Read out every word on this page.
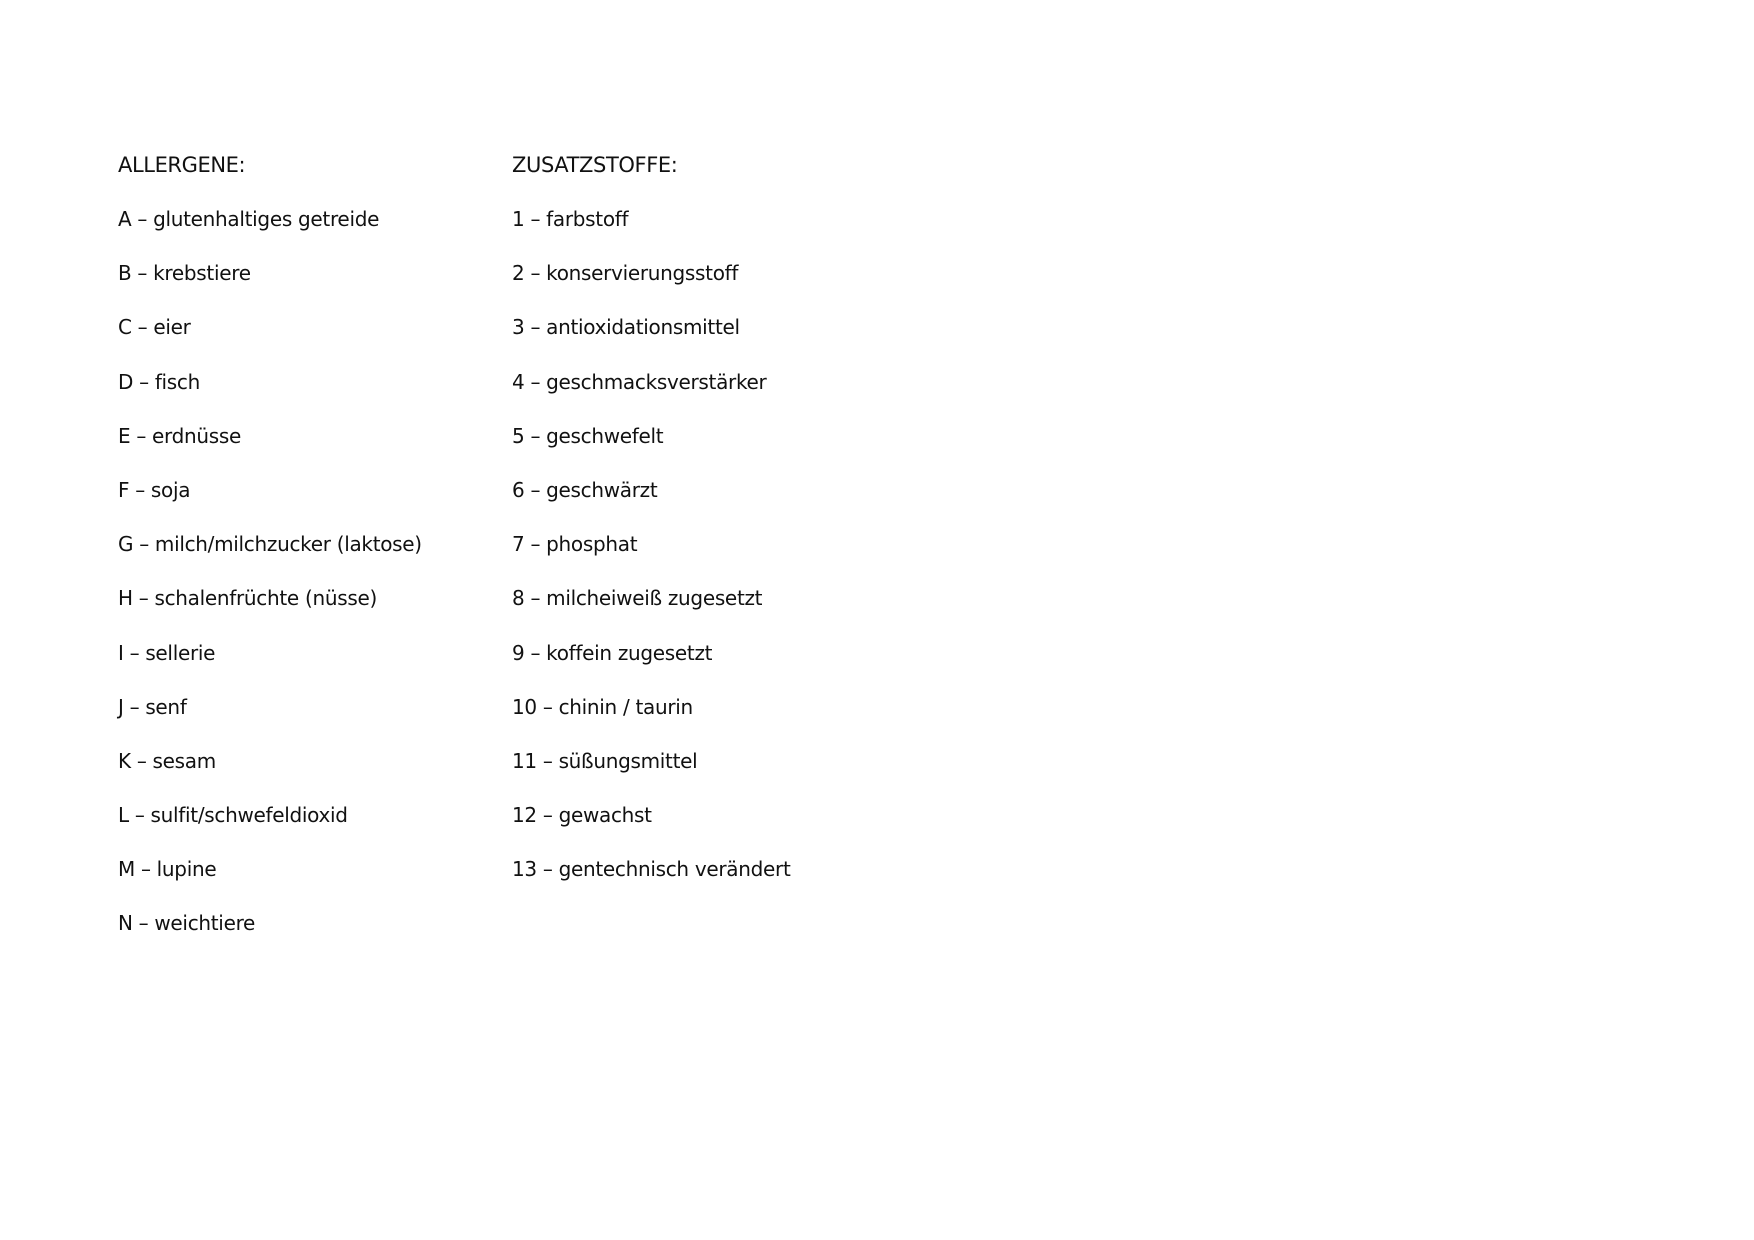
ALLERGENE:
A – glutenhaltiges getreide
B – krebstiere
C – eier
D – fisch
E – erdnüsse
F – soja
G – milch/milchzucker (laktose)
H – schalenfrüchte (nüsse)
I – sellerie
J – senf
K – sesam
L – sulfit/schwefeldioxid
M – lupine
N – weichtiere
ZUSATZSTOFFE:
1 – farbstoff
2 – konservierungsstoff
3 – antioxidationsmittel
4 – geschmacksverstärker
5 – geschwefelt
6 – geschwärzt
7 – phosphat
8 – milcheiweiß zugesetzt
9 – koffein zugesetzt
10 – chinin / taurin
11 – süßungsmittel
12 – gewachst
13 – gentechnisch verändert
